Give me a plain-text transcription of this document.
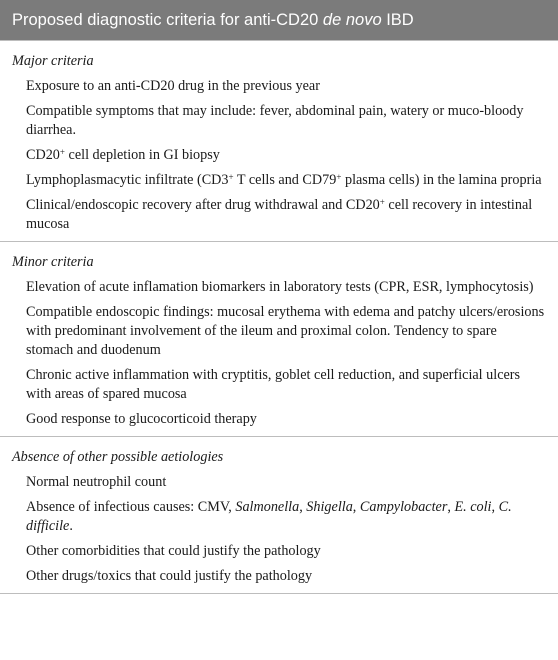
Proposed diagnostic criteria for anti-CD20 de novo IBD
Major criteria
Exposure to an anti-CD20 drug in the previous year
Compatible symptoms that may include: fever, abdominal pain, watery or muco-bloody diarrhea.
CD20+ cell depletion in GI biopsy
Lymphoplasmacytic infiltrate (CD3+ T cells and CD79+ plasma cells) in the lamina propria
Clinical/endoscopic recovery after drug withdrawal and CD20+ cell recovery in intestinal mucosa
Minor criteria
Elevation of acute inflamation biomarkers in laboratory tests (CPR, ESR, lymphocytosis)
Compatible endoscopic findings: mucosal erythema with edema and patchy ulcers/erosions with predominant involvement of the ileum and proximal colon. Tendency to spare stomach and duodenum
Chronic active inflammation with cryptitis, goblet cell reduction, and superficial ulcers with areas of spared mucosa
Good response to glucocorticoid therapy
Absence of other possible aetiologies
Normal neutrophil count
Absence of infectious causes: CMV, Salmonella, Shigella, Campylobacter, E. coli, C. difficile.
Other comorbidities that could justify the pathology
Other drugs/toxics that could justify the pathology
